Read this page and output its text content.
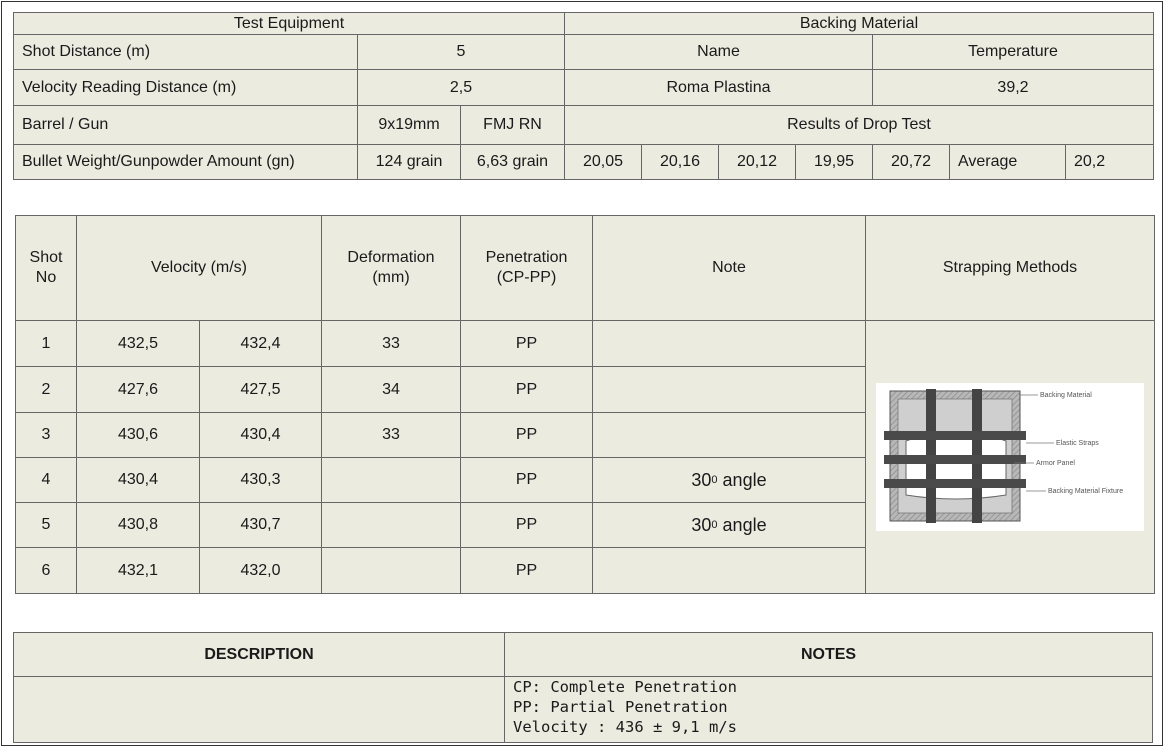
Test Equipment			Backing Material						
Shot Distance (m)	5		Name				Temperature		
Velocity Reading Distance (m)	2,5		Roma Plastina				39,2		
Barrel / Gun	9x19mm	FMJ RN	Results of Drop Test						
Bullet Weight/Gunpowder Amount (gn)	124 grain	6,63 grain	20,05	20,16	20,12	19,95	20,72	Average	20,2
Shot No	Velocity (m/s)		Deformation (mm)	Penetration (CP-PP)	Note	Strapping Methods
1	432,5	432,4	33	PP		Backing Material
Elastic Straps
Armor Panel
Backing Material Fixture

2	427,6	427,5	34	PP		
3	430,6	430,4	33	PP		
4	430,4	430,3		PP	$30^0$ angle	
5	430,8	430,7		PP	$30^0$ angle	
6	432,1	432,0		PP		
DESCRIPTION	NOTES

	CP: Complete Penetration
PP: Partial Penetration
Velocity : 436 ± 9,1 m/s
